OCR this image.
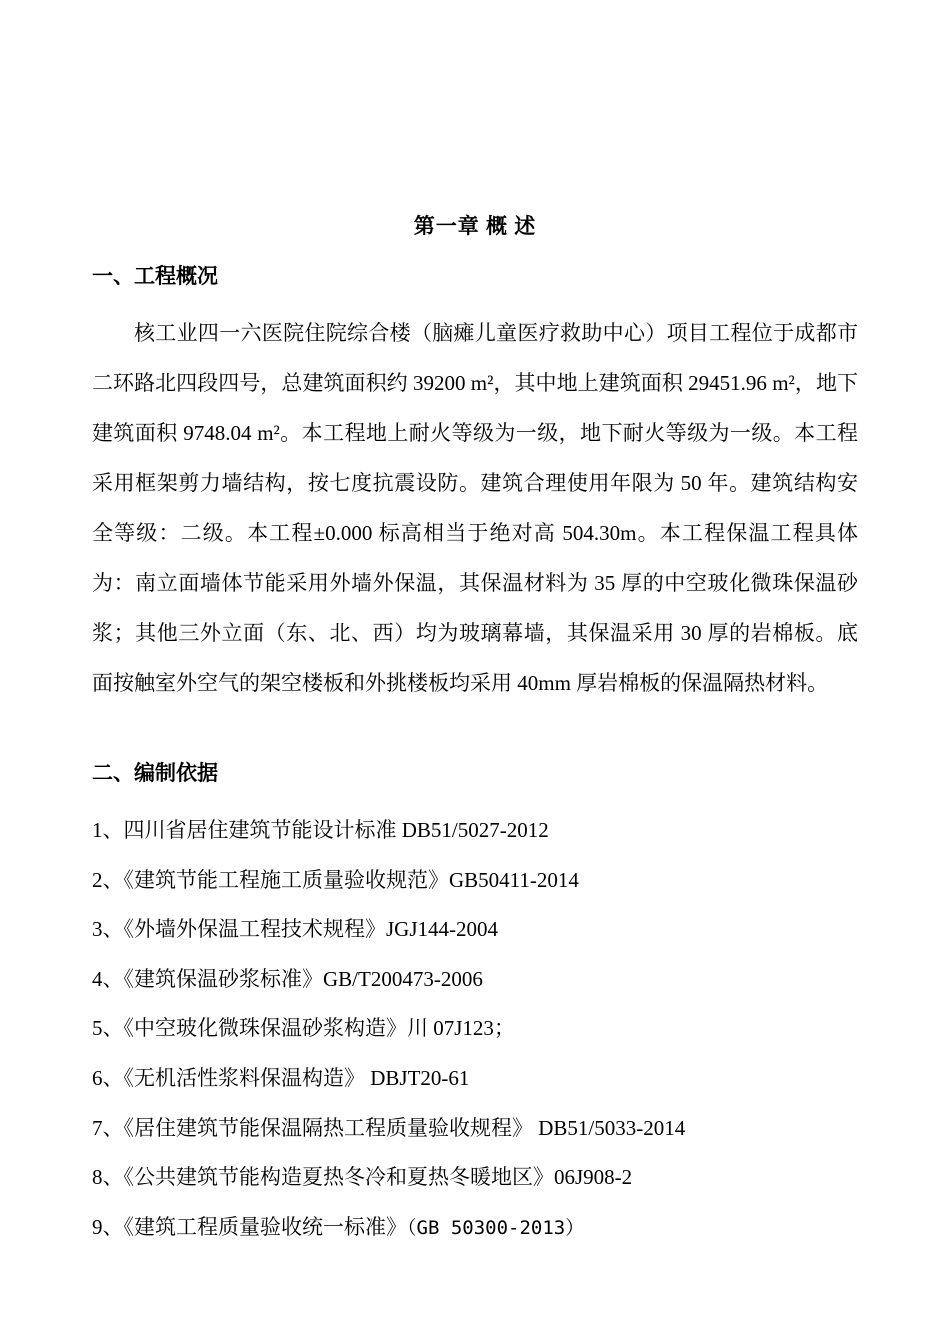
第一章 概 述
一、工程概况

核工业四一六医院住院综合楼（脑瘫儿童医疗救助中心）项目工程位于成都市二环路北四段四号，总建筑面积约 39200 m²，其中地上建筑面积 29451.96 m²，地下建筑面积 9748.04 m²。本工程地上耐火等级为一级，地下耐火等级为一级。本工程采用框架剪力墙结构，按七度抗震设防。建筑合理使用年限为 50 年。建筑结构安全等级：二级。本工程±0.000 标高相当于绝对高 504.30m。本工程保温工程具体为：南立面墙体节能采用外墙外保温，其保温材料为 35 厚的中空玻化微珠保温砂浆；其他三外立面（东、北、西）均为玻璃幕墙，其保温采用 30 厚的岩棉板。底面按触室外空气的架空楼板和外挑楼板均采用 40mm 厚岩棉板的保温隔热材料。

二、编制依据
1、四川省居住建筑节能设计标准 DB51/5027-2012
2、《建筑节能工程施工质量验收规范》GB50411-2014
3、《外墙外保温工程技术规程》JGJ144-2004
4、《建筑保温砂浆标准》GB/T200473-2006
5、《中空玻化微珠保温砂浆构造》川 07J123；
6、《无机活性浆料保温构造》 DBJT20-61
7、《居住建筑节能保温隔热工程质量验收规程》 DB51/5033-2014
8、《公共建筑节能构造夏热冬冷和夏热冬暖地区》06J908-2
9、《建筑工程质量验收统一标准》（GB 50300-2013）
